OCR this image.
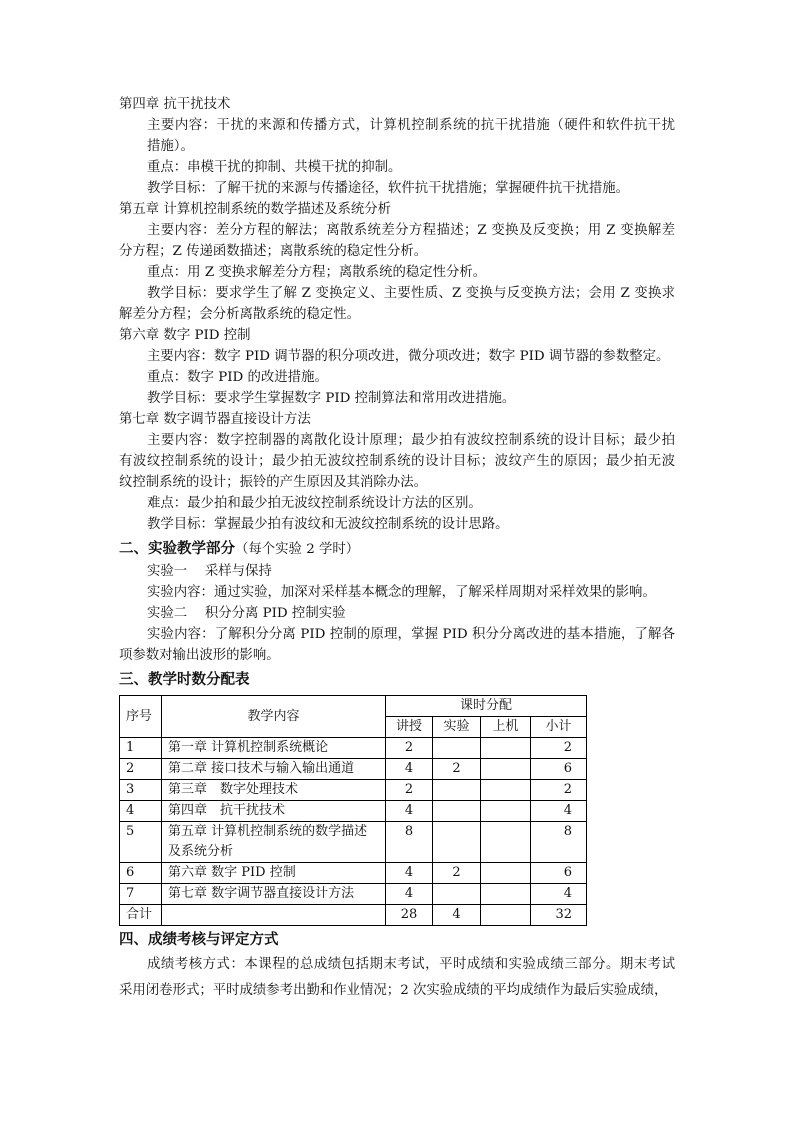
第四章 抗干扰技术
主要内容：干扰的来源和传播方式，计算机控制系统的抗干扰措施（硬件和软件抗干扰
措施）。
重点：串模干扰的抑制、共模干扰的抑制。
教学目标：了解干扰的来源与传播途径，软件抗干扰措施；掌握硬件抗干扰措施。
第五章 计算机控制系统的数学描述及系统分析
主要内容：差分方程的解法；离散系统差分方程描述；Z 变换及反变换；用 Z 变换解差
分方程；Z 传递函数描述；离散系统的稳定性分析。
重点：用 Z 变换求解差分方程；离散系统的稳定性分析。
教学目标：要求学生了解 Z 变换定义、主要性质、Z 变换与反变换方法；会用 Z 变换求
解差分方程；会分析离散系统的稳定性。
第六章 数字 PID 控制
主要内容：数字 PID 调节器的积分项改进，微分项改进；数字 PID 调节器的参数整定。
重点：数字 PID 的改进措施。
教学目标：要求学生掌握数字 PID 控制算法和常用改进措施。
第七章 数字调节器直接设计方法
主要内容：数字控制器的离散化设计原理；最少拍有波纹控制系统的设计目标；最少拍
有波纹控制系统的设计；最少拍无波纹控制系统的设计目标；波纹产生的原因；最少拍无波
纹控制系统的设计；振铃的产生原因及其消除办法。
难点：最少拍和最少拍无波纹控制系统设计方法的区别。
教学目标：掌握最少拍有波纹和无波纹控制系统的设计思路。
二、实验教学部分（每个实验 2 学时）
实验一　 采样与保持
实验内容：通过实验，加深对采样基本概念的理解，了解采样周期对采样效果的影响。
实验二　 积分分离 PID 控制实验
实验内容：了解积分分离 PID 控制的原理，掌握 PID 积分分离改进的基本措施，了解各
项参数对输出波形的影响。
三、教学时数分配表
序号	教学内容	课时分配			
		讲授	实验	上机	小计
1	第一章 计算机控制系统概论	2			2
2	第二章 接口技术与输入输出通道	4	2		6
3	第三章　数字处理技术	2			2
4	第四章　抗干扰技术	4			4
5	第五章 计算机控制系统的数学描述及系统分析	8			8
6	第六章 数字 PID 控制	4	2		6
7	第七章 数字调节器直接设计方法	4			4
合计		28	4		32
四、成绩考核与评定方式
成绩考核方式：本课程的总成绩包括期末考试，平时成绩和实验成绩三部分。期末考试
采用闭卷形式；平时成绩参考出勤和作业情况；2 次实验成绩的平均成绩作为最后实验成绩，
